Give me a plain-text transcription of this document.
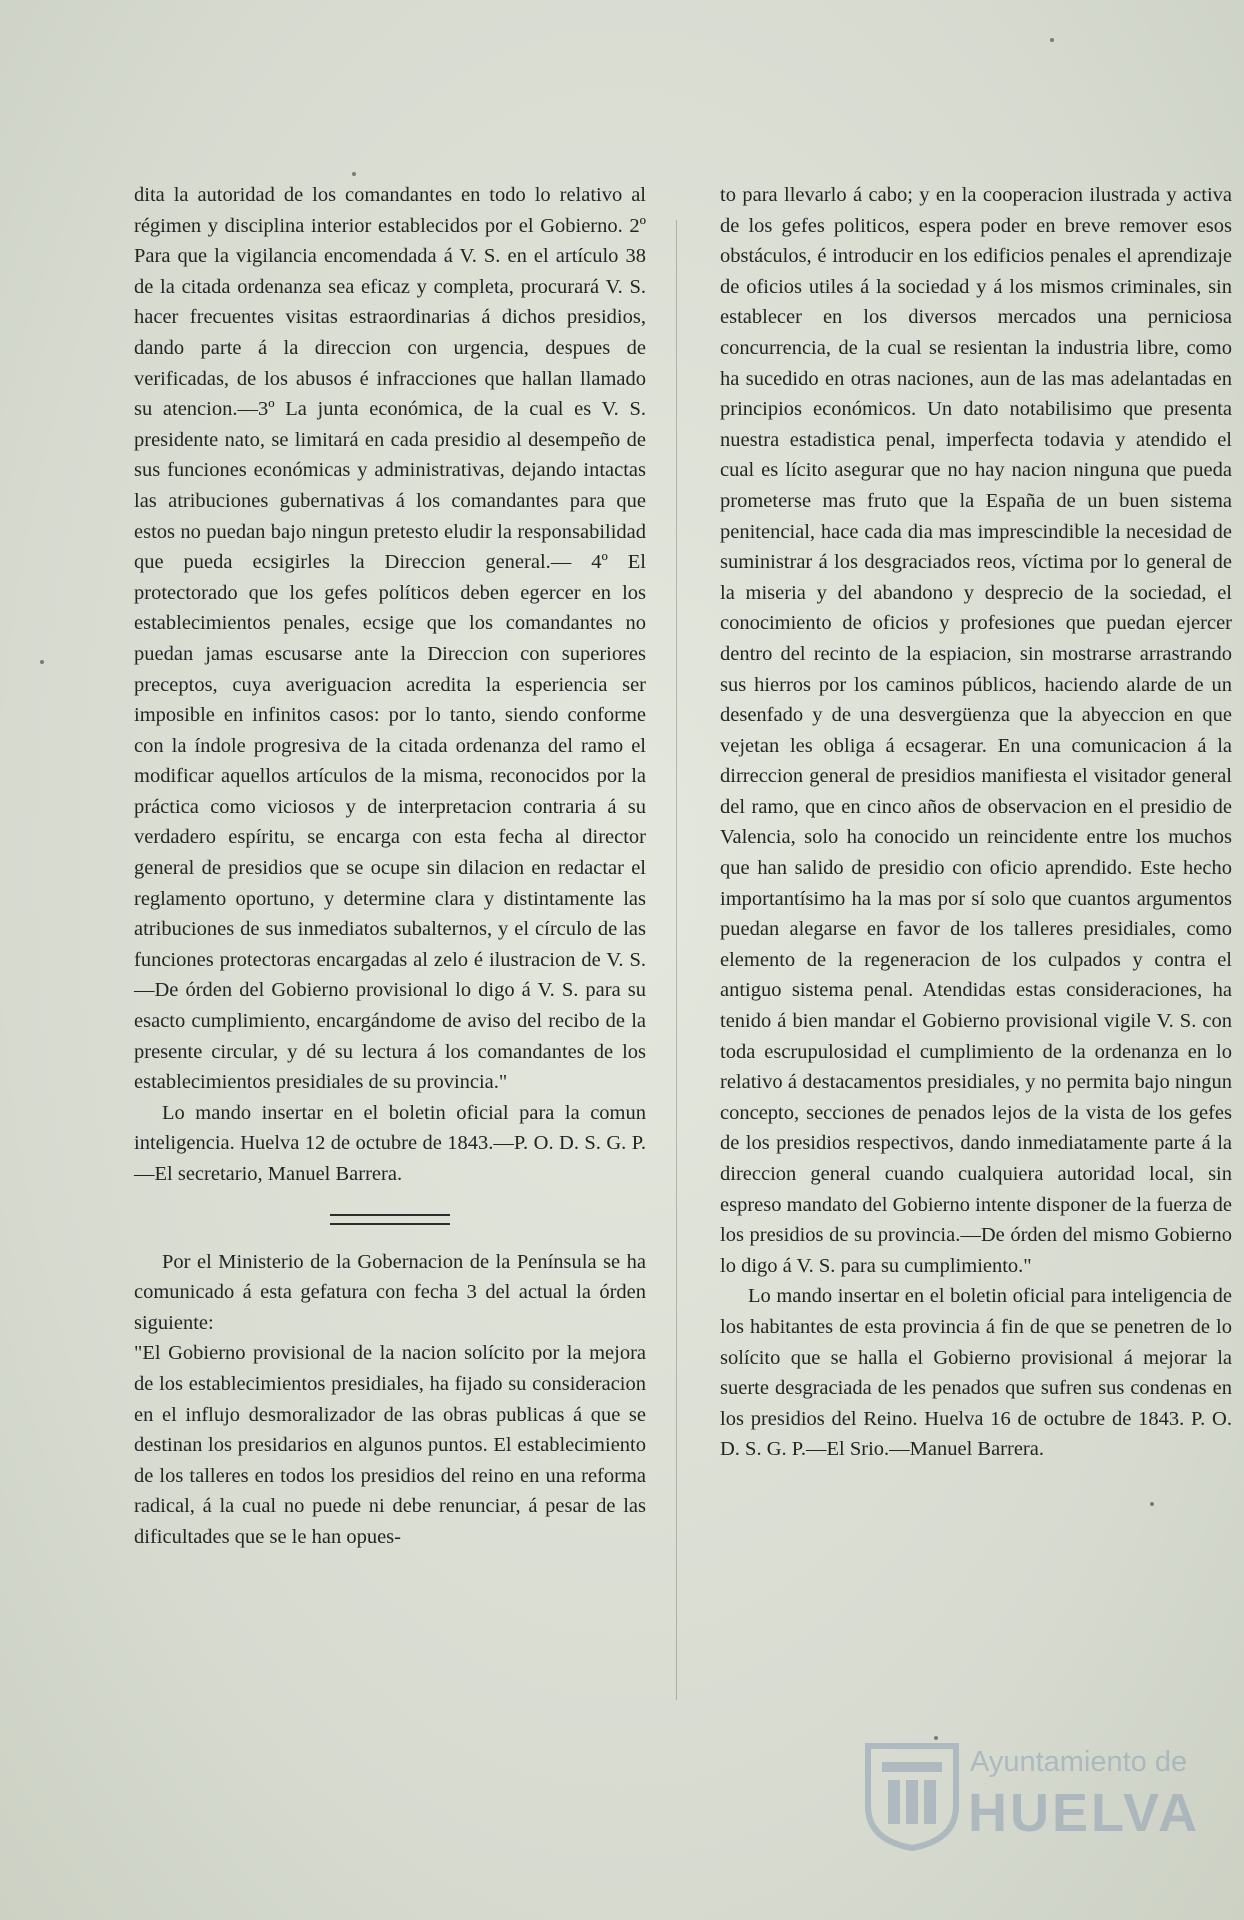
dita la autoridad de los comandantes en todo lo relativo al régimen y disciplina interior establecidos por el Gobierno. 2º Para que la vigilancia encomendada á V. S. en el artículo 38 de la citada ordenanza sea eficaz y completa, procurará V. S. hacer frecuentes visitas estraordinarias á dichos presidios, dando parte á la direccion con urgencia, despues de verificadas, de los abusos é infracciones que hallan llamado su atencion.—3º La junta económica, de la cual es V. S. presidente nato, se limitará en cada presidio al desempeño de sus funciones económicas y administrativas, dejando intactas las atribuciones gubernativas á los comandantes para que estos no puedan bajo ningun pretesto eludir la responsabilidad que pueda ecsigirles la Direccion general.— 4º El protectorado que los gefes políticos deben egercer en los establecimientos penales, ecsige que los comandantes no puedan jamas escusarse ante la Direccion con superiores preceptos, cuya averiguacion acredita la esperiencia ser imposible en infinitos casos: por lo tanto, siendo conforme con la índole progresiva de la citada ordenanza del ramo el modificar aquellos artículos de la misma, reconocidos por la práctica como viciosos y de interpretacion contraria á su verdadero espíritu, se encarga con esta fecha al director general de presidios que se ocupe sin dilacion en redactar el reglamento oportuno, y determine clara y distintamente las atribuciones de sus inmediatos subalternos, y el círculo de las funciones protectoras encargadas al zelo é ilustracion de V. S.—De órden del Gobierno provisional lo digo á V. S. para su esacto cumplimiento, encargándome de aviso del recibo de la presente circular, y dé su lectura á los comandantes de los establecimientos presidiales de su provincia."

Lo mando insertar en el boletin oficial para la comun inteligencia. Huelva 12 de octubre de 1843.—P. O. D. S. G. P.—El secretario, Manuel Barrera.

Por el Ministerio de la Gobernacion de la Península se ha comunicado á esta gefatura con fecha 3 del actual la órden siguiente:

"El Gobierno provisional de la nacion solícito por la mejora de los establecimientos presidiales, ha fijado su consideracion en el influjo desmoralizador de las obras publicas á que se destinan los presidarios en algunos puntos. El establecimiento de los talleres en todos los presidios del reino en una reforma radical, á la cual no puede ni debe renunciar, á pesar de las dificultades que se le han opues-

to para llevarlo á cabo; y en la cooperacion ilustrada y activa de los gefes politicos, espera poder en breve remover esos obstáculos, é introducir en los edificios penales el aprendizaje de oficios utiles á la sociedad y á los mismos criminales, sin establecer en los diversos mercados una perniciosa concurrencia, de la cual se resientan la industria libre, como ha sucedido en otras naciones, aun de las mas adelantadas en principios económicos. Un dato notabilisimo que presenta nuestra estadistica penal, imperfecta todavia y atendido el cual es lícito asegurar que no hay nacion ninguna que pueda prometerse mas fruto que la España de un buen sistema penitencial, hace cada dia mas imprescindible la necesidad de suministrar á los desgraciados reos, víctima por lo general de la miseria y del abandono y desprecio de la sociedad, el conocimiento de oficios y profesiones que puedan ejercer dentro del recinto de la espiacion, sin mostrarse arrastrando sus hierros por los caminos públicos, haciendo alarde de un desenfado y de una desvergüenza que la abyeccion en que vejetan les obliga á ecsagerar. En una comunicacion á la dirreccion general de presidios manifiesta el visitador general del ramo, que en cinco años de observacion en el presidio de Valencia, solo ha conocido un reincidente entre los muchos que han salido de presidio con oficio aprendido. Este hecho importantísimo ha la mas por sí solo que cuantos argumentos puedan alegarse en favor de los talleres presidiales, como elemento de la regeneracion de los culpados y contra el antiguo sistema penal. Atendidas estas consideraciones, ha tenido á bien mandar el Gobierno provisional vigile V. S. con toda escrupulosidad el cumplimiento de la ordenanza en lo relativo á destacamentos presidiales, y no permita bajo ningun concepto, secciones de penados lejos de la vista de los gefes de los presidios respectivos, dando inmediatamente parte á la direccion general cuando cualquiera autoridad local, sin espreso mandato del Gobierno intente disponer de la fuerza de los presidios de su provincia.—De órden del mismo Gobierno lo digo á V. S. para su cumplimiento."

Lo mando insertar en el boletin oficial para inteligencia de los habitantes de esta provincia á fin de que se penetren de lo solícito que se halla el Gobierno provisional á mejorar la suerte desgraciada de les penados que sufren sus condenas en los presidios del Reino. Huelva 16 de octubre de 1843. P. O. D. S. G. P.—El Srio.—Manuel Barrera.

Ayuntamiento de
HUELVA
